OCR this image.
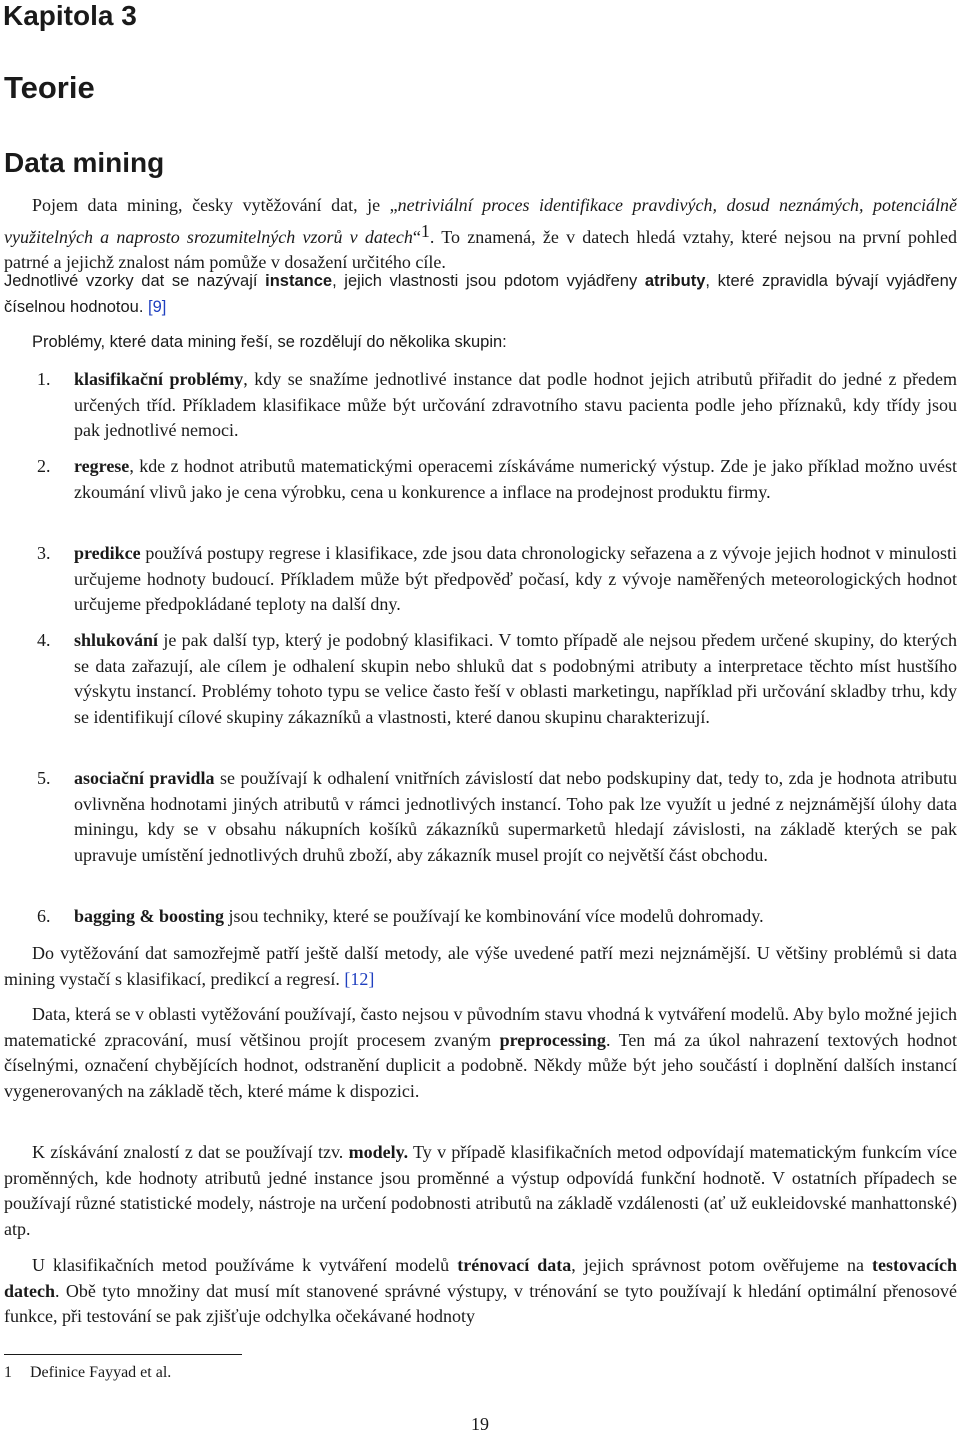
Kapitola 3
Teorie
Data mining

Pojem data mining, česky vytěžování dat, je „netriviální proces identifikace pravdivých, dosud neznámých, potenciálně využitelných a naprosto srozumitelných vzorů v datech“$^1$. To znamená, že v datech hledá vztahy, které nejsou na první pohled patrné a jejichž znalost nám pomůže v dosažení určitého cíle.

Jednotlivé vzorky dat se nazývají instance, jejich vlastnosti jsou pdotom vyjádřeny atributy, které zpravidla bývají vyjádřeny číselnou hodnotou. [9]

Problémy, které data mining řeší, se rozdělují do několika skupin:

1. klasifikační problémy, kdy se snažíme jednotlivé instance dat podle hodnot jejich atributů přiřadit do jedné z předem určených tříd. Příkladem klasifikace může být určování zdravotního stavu pacienta podle jeho příznaků, kdy třídy jsou pak jednotlivé nemoci.
2. regrese, kde z hodnot atributů matematickými operacemi získáváme numerický výstup. Zde je jako příklad možno uvést zkoumání vlivů jako je cena výrobku, cena u konkurence a inflace na prodejnost produktu firmy.
3. predikce používá postupy regrese i klasifikace, zde jsou data chronologicky seřazena a z vývoje jejich hodnot v minulosti určujeme hodnoty budoucí. Příkladem může být předpověď počasí, kdy z vývoje naměřených meteorologických hodnot určujeme předpokládané teploty na další dny.
4. shlukování je pak další typ, který je podobný klasifikaci. V tomto případě ale nejsou předem určené skupiny, do kterých se data zařazují, ale cílem je odhalení skupin nebo shluků dat s podobnými atributy a interpretace těchto míst hustšího výskytu instancí. Problémy tohoto typu se velice často řeší v oblasti marketingu, například při určování skladby trhu, kdy se identifikují cílové skupiny zákazníků a vlastnosti, které danou skupinu charakterizují.
5. asociační pravidla se používají k odhalení vnitřních závislostí dat nebo podskupiny dat, tedy to, zda je hodnota atributu ovlivněna hodnotami jiných atributů v rámci jednotlivých instancí. Toho pak lze využít u jedné z nejznámější úlohy data miningu, kdy se v obsahu nákupních košíků zákazníků supermarketů hledají závislosti, na základě kterých se pak upravuje umístění jednotlivých druhů zboží, aby zákazník musel projít co největší část obchodu.
6. bagging & boosting jsou techniky, které se používají ke kombinování více modelů dohromady.

Do vytěžování dat samozřejmě patří ještě další metody, ale výše uvedené patří mezi nejznámější. U většiny problémů si data mining vystačí s klasifikací, predikcí a regresí. [12]

Data, která se v oblasti vytěžování používají, často nejsou v původním stavu vhodná k vytváření modelů. Aby bylo možné jejich matematické zpracování, musí většinou projít procesem zvaným preprocessing. Ten má za úkol nahrazení textových hodnot číselnými, označení chybějících hodnot, odstranění duplicit a podobně. Někdy může být jeho součástí i doplnění dalších instancí vygenerovaných na základě těch, které máme k dispozici.

K získávání znalostí z dat se používají tzv. modely. Ty v případě klasifikačních metod odpovídají matematickým funkcím více proměnných, kde hodnoty atributů jedné instance jsou proměnné a výstup odpovídá funkční hodnotě. V ostatních případech se používají různé statistické modely, nástroje na určení podobnosti atributů na základě vzdálenosti (ať už eukleidovské manhattonské) atp.

U klasifikačních metod používáme k vytváření modelů trénovací data, jejich správnost potom ověřujeme na testovacích datech. Obě tyto množiny dat musí mít stanovené správné výstupy, v trénování se tyto používají k hledání optimální přenosové funkce, při testování se pak zjišťuje odchylka očekávané hodnoty

1 Definice Fayyad et al.

19
